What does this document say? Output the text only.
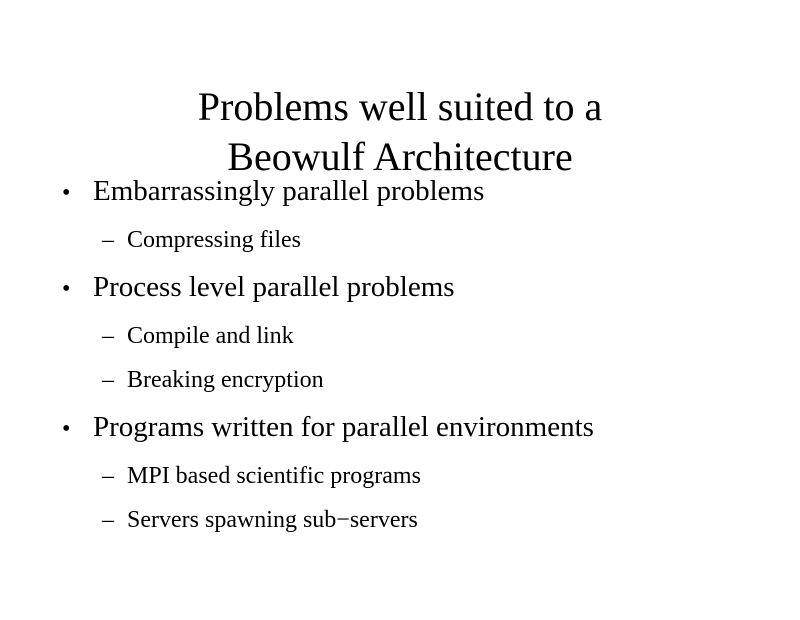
Problems well suited to a
Beowulf Architecture
• Embarrassingly parallel problems
– Compressing files
• Process level parallel problems
– Compile and link
– Breaking encryption
• Programs written for parallel environments
– MPI based scientific programs
– Servers spawning sub−servers
